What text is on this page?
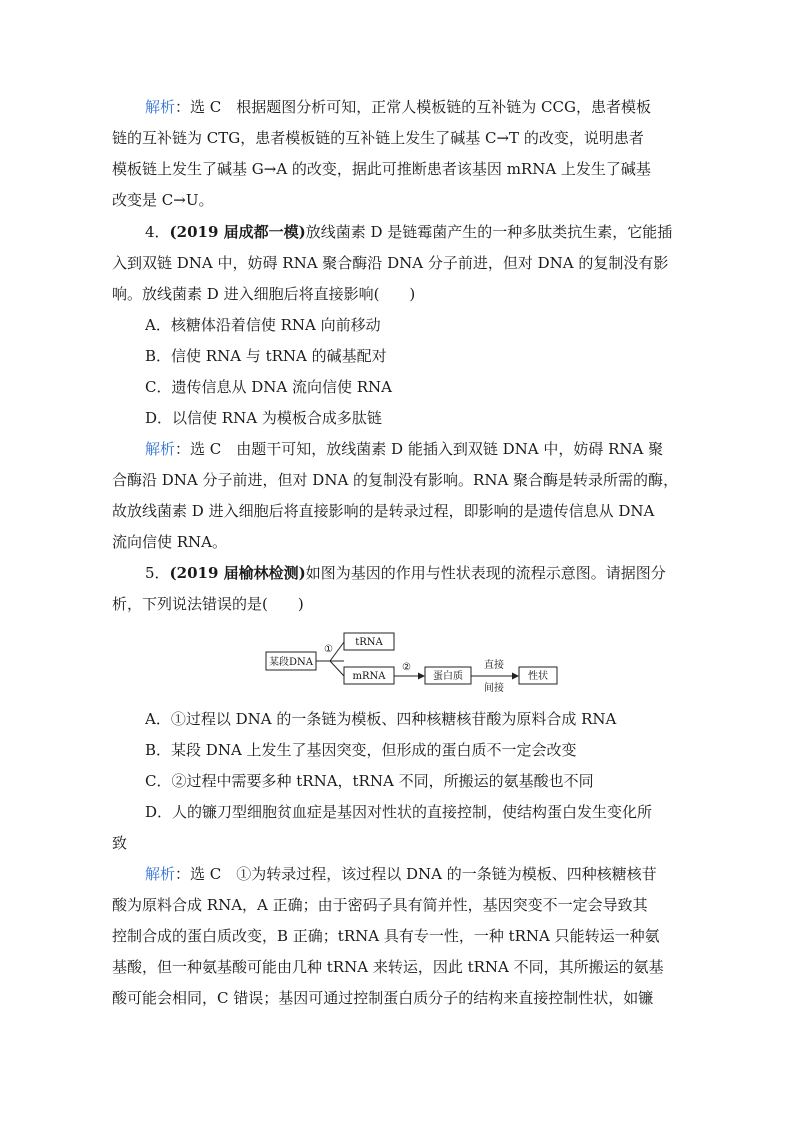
解析：选 C　根据题图分析可知，正常人模板链的互补链为 CCG，患者模板
链的互补链为 CTG，患者模板链的互补链上发生了碱基 C→T 的改变，说明患者
模板链上发生了碱基 G→A 的改变，据此可推断患者该基因 mRNA 上发生了碱基
改变是 C→U。
4．(2019 届成都一模)放线菌素 D 是链霉菌产生的一种多肽类抗生素，它能插
入到双链 DNA 中，妨碍 RNA 聚合酶沿 DNA 分子前进，但对 DNA 的复制没有影
响。放线菌素 D 进入细胞后将直接影响(　　)
A．核糖体沿着信使 RNA 向前移动
B．信使 RNA 与 tRNA 的碱基配对
C．遗传信息从 DNA 流向信使 RNA
D．以信使 RNA 为模板合成多肽链
解析：选 C　由题干可知，放线菌素 D 能插入到双链 DNA 中，妨碍 RNA 聚
合酶沿 DNA 分子前进，但对 DNA 的复制没有影响。RNA 聚合酶是转录所需的酶，
故放线菌素 D 进入细胞后将直接影响的是转录过程，即影响的是遗传信息从 DNA
流向信使 RNA。
5．(2019 届榆林检测)如图为基因的作用与性状表现的流程示意图。请据图分
析，下列说法错误的是(　　)
某段DNA
①
tRNA
mRNA
②
蛋白质
直接
间接
性状
A．①过程以 DNA 的一条链为模板、四种核糖核苷酸为原料合成 RNA
B．某段 DNA 上发生了基因突变，但形成的蛋白质不一定会改变
C．②过程中需要多种 tRNA，tRNA 不同，所搬运的氨基酸也不同
D．人的镰刀型细胞贫血症是基因对性状的直接控制，使结构蛋白发生变化所
致
解析：选 C　①为转录过程，该过程以 DNA 的一条链为模板、四种核糖核苷
酸为原料合成 RNA，A 正确；由于密码子具有简并性，基因突变不一定会导致其
控制合成的蛋白质改变，B 正确；tRNA 具有专一性，一种 tRNA 只能转运一种氨
基酸，但一种氨基酸可能由几种 tRNA 来转运，因此 tRNA 不同，其所搬运的氨基
酸可能会相同，C 错误；基因可通过控制蛋白质分子的结构来直接控制性状，如镰
